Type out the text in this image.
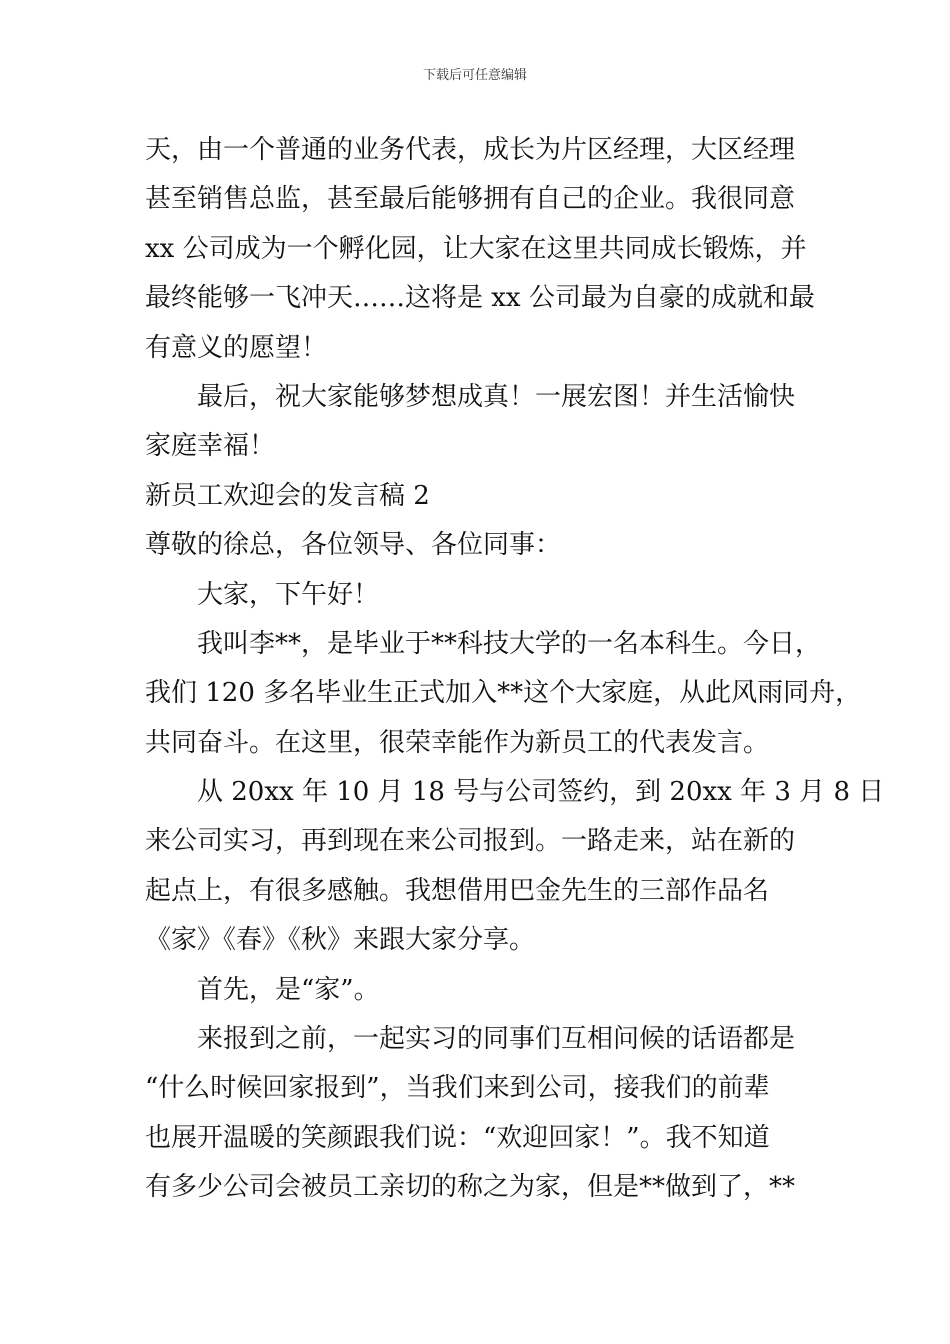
下载后可任意编辑

天，由一个普通的业务代表，成长为片区经理，大区经理

甚至销售总监，甚至最后能够拥有自己的企业。我很同意

xx 公司成为一个孵化园，让大家在这里共同成长锻炼，并

最终能够一飞冲天……这将是 xx 公司最为自豪的成就和最

有意义的愿望！

最后，祝大家能够梦想成真！一展宏图！并生活愉快

家庭幸福！

新员工欢迎会的发言稿 2

尊敬的徐总，各位领导、各位同事：

大家，下午好！

我叫李**，是毕业于**科技大学的一名本科生。今日，

我们 120 多名毕业生正式加入**这个大家庭，从此风雨同舟，

共同奋斗。在这里，很荣幸能作为新员工的代表发言。

从 20xx 年 10 月 18 号与公司签约，到 20xx 年 3 月 8 日

来公司实习，再到现在来公司报到。一路走来，站在新的

起点上，有很多感触。我想借用巴金先生的三部作品名

《家》《春》《秋》来跟大家分享。

首先，是“家”。

来报到之前，一起实习的同事们互相问候的话语都是

“什么时候回家报到”，当我们来到公司，接我们的前辈

也展开温暖的笑颜跟我们说：“欢迎回家！”。我不知道

有多少公司会被员工亲切的称之为家，但是**做到了，**
